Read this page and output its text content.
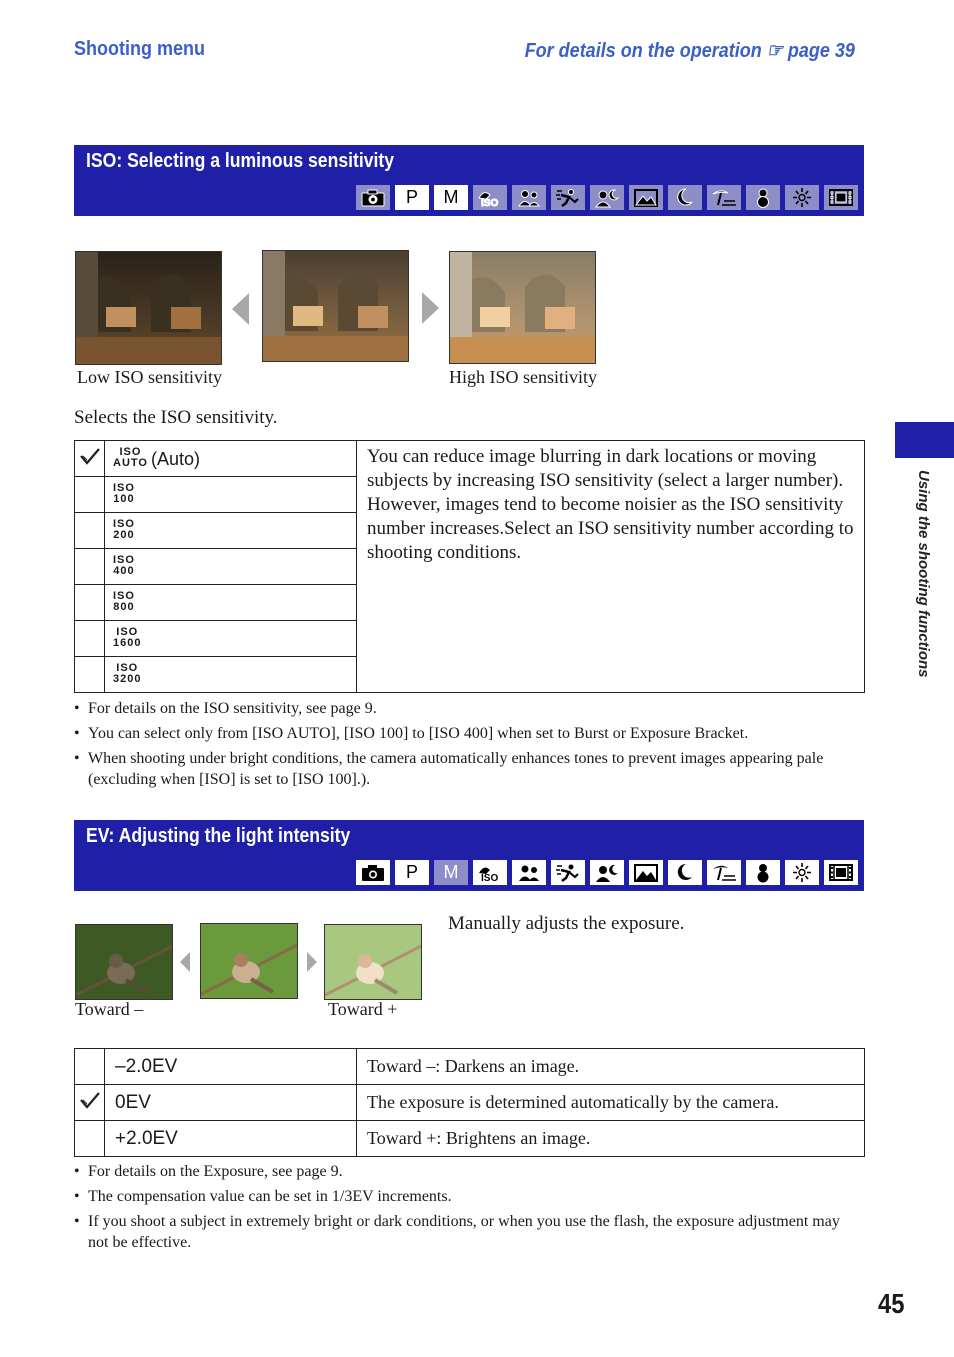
Shooting menu	For details on the operation ☞ page 39
ISO: Selecting a luminous sensitivity
P M ISO
Low ISO sensitivity	High ISO sensitivity
Selects the ISO sensitivity.
	ISO
AUTO (Auto)	You can reduce image blurring in dark locations or moving subjects by increasing ISO sensitivity (select a larger number). However, images tend to become noisier as the ISO sensitivity number increases.Select an ISO sensitivity number according to shooting conditions.
	ISO
100	
	ISO
200	
	ISO
400	
	ISO
800	
	ISO
1600	
	ISO
3200	
• For details on the ISO sensitivity, see page 9.
• You can select only from [ISO AUTO], [ISO 100] to [ISO 400] when set to Burst or Exposure Bracket.
• When shooting under bright conditions, the camera automatically enhances tones to prevent images appearing pale (excluding when [ISO] is set to [ISO 100].).
EV: Adjusting the light intensity
P M ISO
Toward –	Toward +
Manually adjusts the exposure.
	–2.0EV	Toward –: Darkens an image.
	0EV	The exposure is determined automatically by the camera.
	+2.0EV	Toward +: Brightens an image.
• For details on the Exposure, see page 9.
• The compensation value can be set in 1/3EV increments.
• If you shoot a subject in extremely bright or dark conditions, or when you use the flash, the exposure adjustment may not be effective.
Using the shooting functions
45
